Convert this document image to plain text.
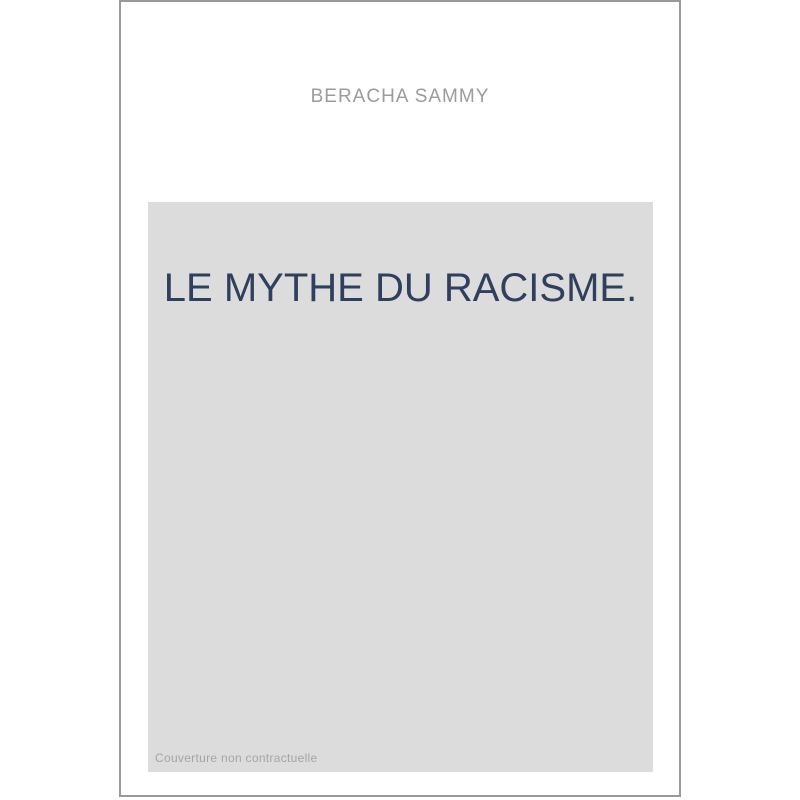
BERACHA SAMMY
LE MYTHE DU RACISME.
Couverture non contractuelle
